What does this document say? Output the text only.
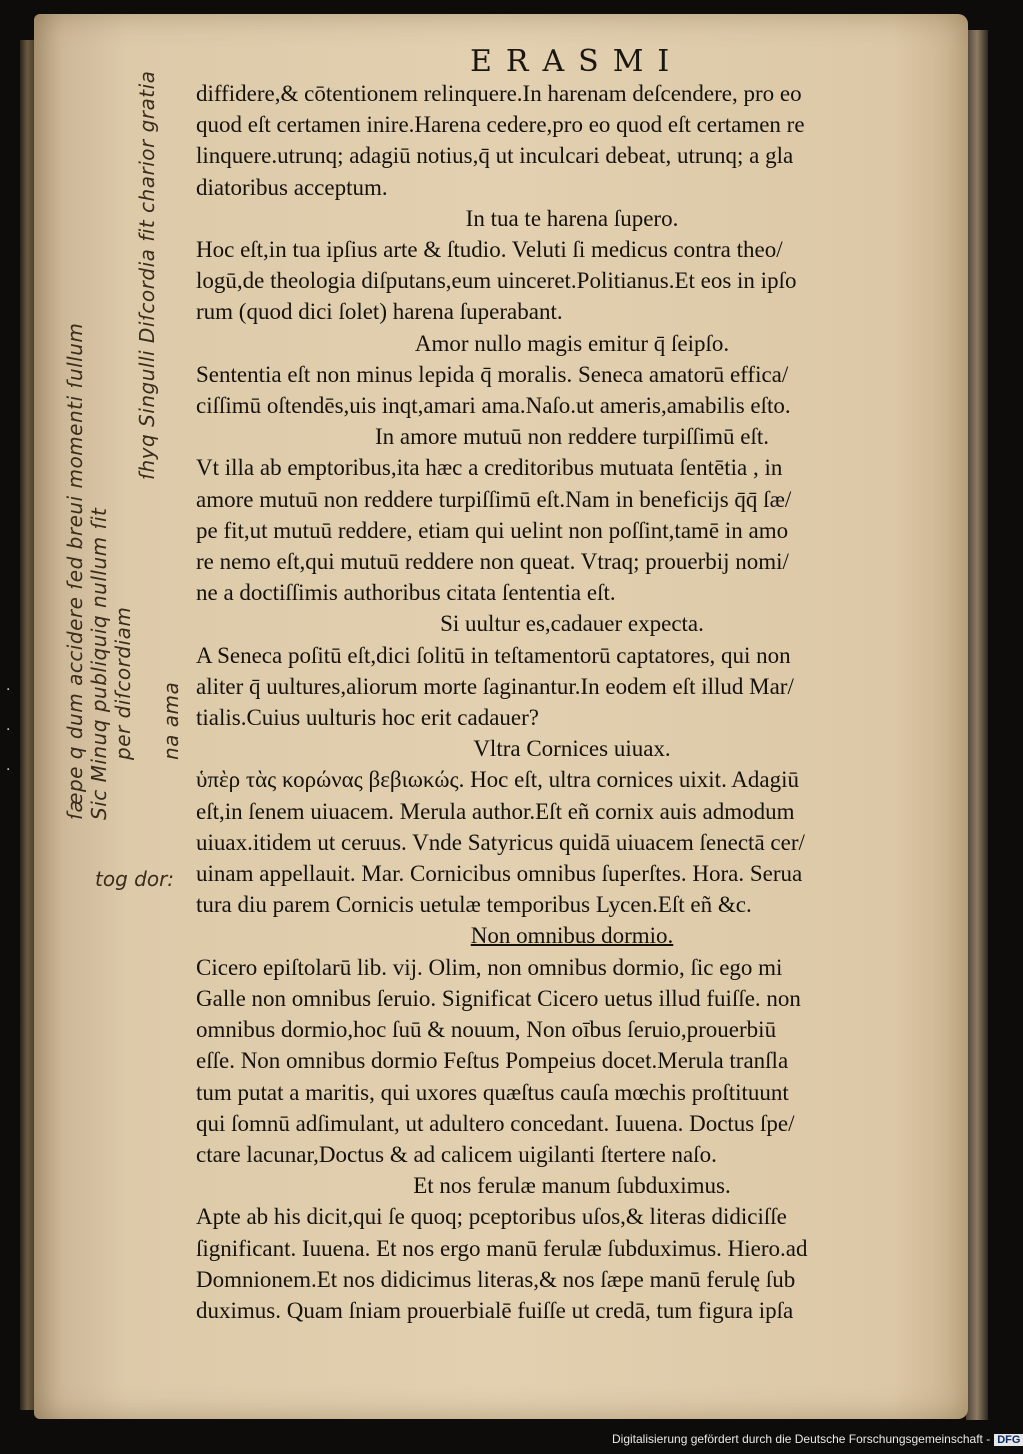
·

·

·
ERASMI
ſæpe q dum accidere ſed breui momenti ſullum Sic Minuq publiquiq nullum ſit per diſcordiam
ſhyq Singulli Diſcordia fit charior gratia
na ama
tog dor:
diffidere,& cōtentionem relinquere.In harenam deſcendere, pro eo
quod eſt certamen inire.Harena cedere,pro eo quod eſt certamen re
linquere.utrunq; adagiū notius,q̄ ut inculcari debeat, utrunq; a gla
diatoribus acceptum.
In tua te harena ſupero.
Hoc eſt,in tua ipſius arte & ſtudio. Veluti ſi medicus contra theo/
logū,de theologia diſputans,eum uinceret.Politianus.Et eos in ipſo
rum (quod dici ſolet) harena ſuperabant.
Amor nullo magis emitur q̄ ſeipſo.
Sententia eſt non minus lepida q̄ moralis. Seneca amatorū effica/
ciſſimū oſtendēs,uis inqt,amari ama.Naſo.ut ameris,amabilis eſto.
In amore mutuū non reddere turpiſſimū eſt.
Vt illa ab emptoribus,ita hæc a creditoribus mutuata ſentētia , in
amore mutuū non reddere turpiſſimū eſt.Nam in beneficijs q̄q̄ ſæ/
pe fit,ut mutuū reddere, etiam qui uelint non poſſint,tamē in amo
re nemo eſt,qui mutuū reddere non queat. Vtraq; prouerbij nomi/
ne a doctiſſimis authoribus citata ſententia eſt.
Si uultur es,cadauer expecta.
A Seneca poſitū eſt,dici ſolitū in teſtamentorū captatores, qui non
aliter q̄ uultures,aliorum morte ſaginantur.In eodem eſt illud Mar/
tialis.Cuius uulturis hoc erit cadauer?
Vltra Cornices uiuax.
ὑπὲρ τὰς κορώνας βεβιωκώς. Hoc eſt, ultra cornices uixit. Adagiū
eſt,in ſenem uiuacem. Merula author.Eſt eñ cornix auis admodum
uiuax.itidem ut ceruus. Vnde Satyricus quidā uiuacem ſenectā cer/
uinam appellauit. Mar. Cornicibus omnibus ſuperſtes. Hora. Serua
tura diu parem Cornicis uetulæ temporibus Lycen.Eſt eñ &c.
Non omnibus dormio.
Cicero epiſtolarū lib. vij. Olim, non omnibus dormio, ſic ego mi
Galle non omnibus ſeruio. Significat Cicero uetus illud fuiſſe. non
omnibus dormio,hoc ſuū & nouum, Non oībus ſeruio,prouerbiū
eſſe. Non omnibus dormio Feſtus Pompeius docet.Merula tranſla
tum putat a maritis, qui uxores quæſtus cauſa mœchis proſtituunt
qui ſomnū adſimulant, ut adultero concedant. Iuuena. Doctus ſpe/
ctare lacunar,Doctus & ad calicem uigilanti ſtertere naſo.
Et nos ferulæ manum ſubduximus.
Apte ab his dicit,qui ſe quoq; pceptoribus uſos,& literas didiciſſe
ſignificant. Iuuena. Et nos ergo manū ferulæ ſubduximus. Hiero.ad
Domnionem.Et nos didicimus literas,& nos ſæpe manū ferulę ſub
duximus. Quam ſniam prouerbialē fuiſſe ut credā, tum figura ipſa
Digitalisierung gefördert durch die Deutsche Forschungsgemeinschaft - DFG
